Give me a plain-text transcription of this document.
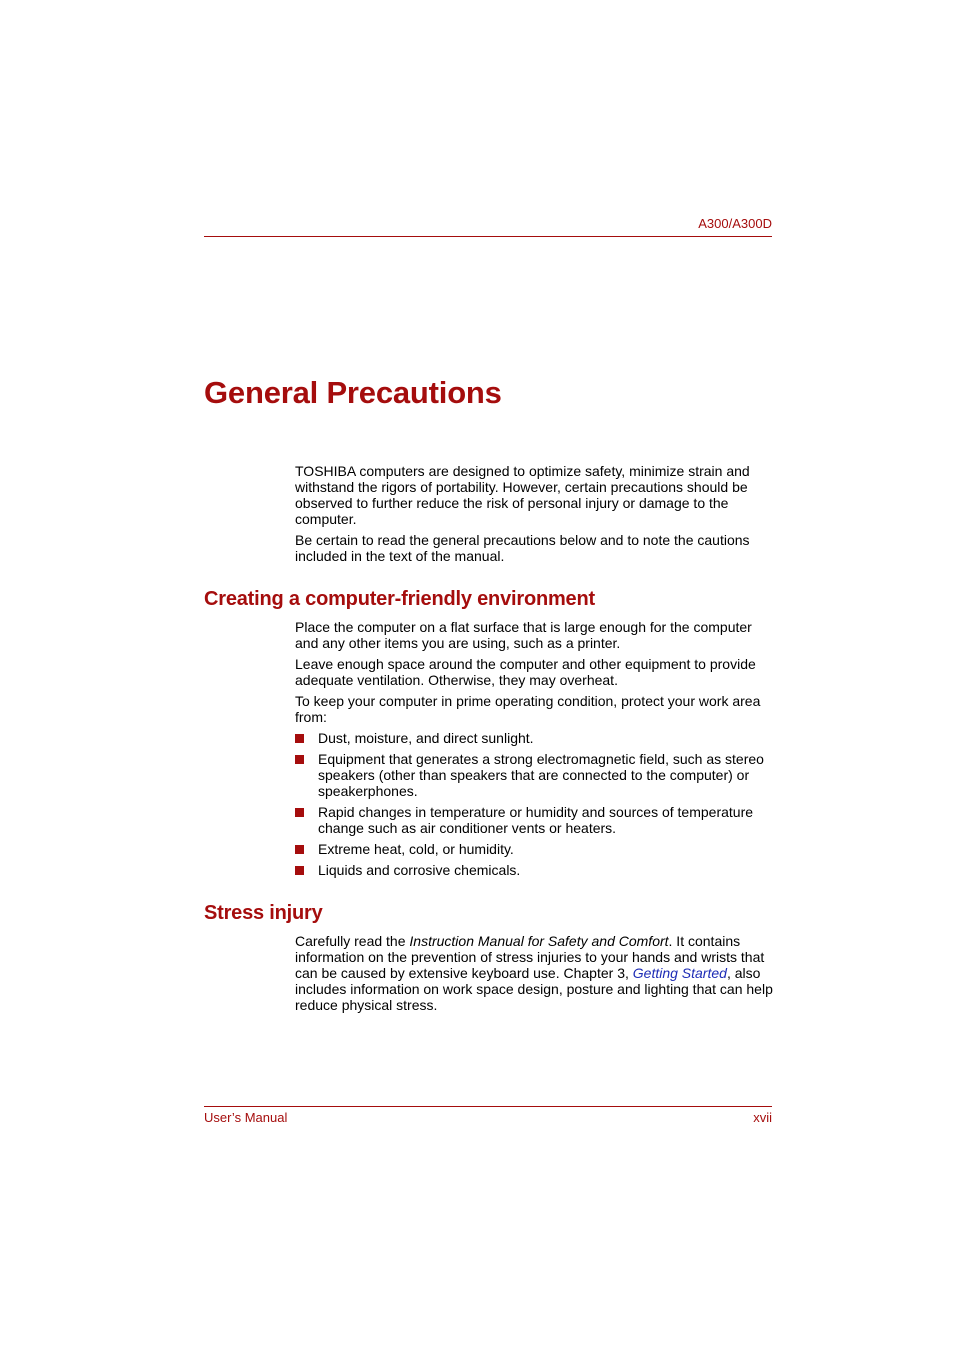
A300/A300D
General Precautions

TOSHIBA computers are designed to optimize safety, minimize strain and withstand the rigors of portability. However, certain precautions should be observed to further reduce the risk of personal injury or damage to the computer.

Be certain to read the general precautions below and to note the cautions included in the text of the manual.

Creating a computer-friendly environment

Place the computer on a flat surface that is large enough for the computer and any other items you are using, such as a printer.

Leave enough space around the computer and other equipment to provide adequate ventilation. Otherwise, they may overheat.

To keep your computer in prime operating condition, protect your work area from:

Dust, moisture, and direct sunlight.
Equipment that generates a strong electromagnetic field, such as stereo speakers (other than speakers that are connected to the computer) or speakerphones.
Rapid changes in temperature or humidity and sources of temperature change such as air conditioner vents or heaters.
Extreme heat, cold, or humidity.
Liquids and corrosive chemicals.
Stress injury

Carefully read the Instruction Manual for Safety and Comfort. It contains information on the prevention of stress injuries to your hands and wrists that can be caused by extensive keyboard use. Chapter 3, Getting Started, also includes information on work space design, posture and lighting that can help reduce physical stress.

User’s Manual	xvii
